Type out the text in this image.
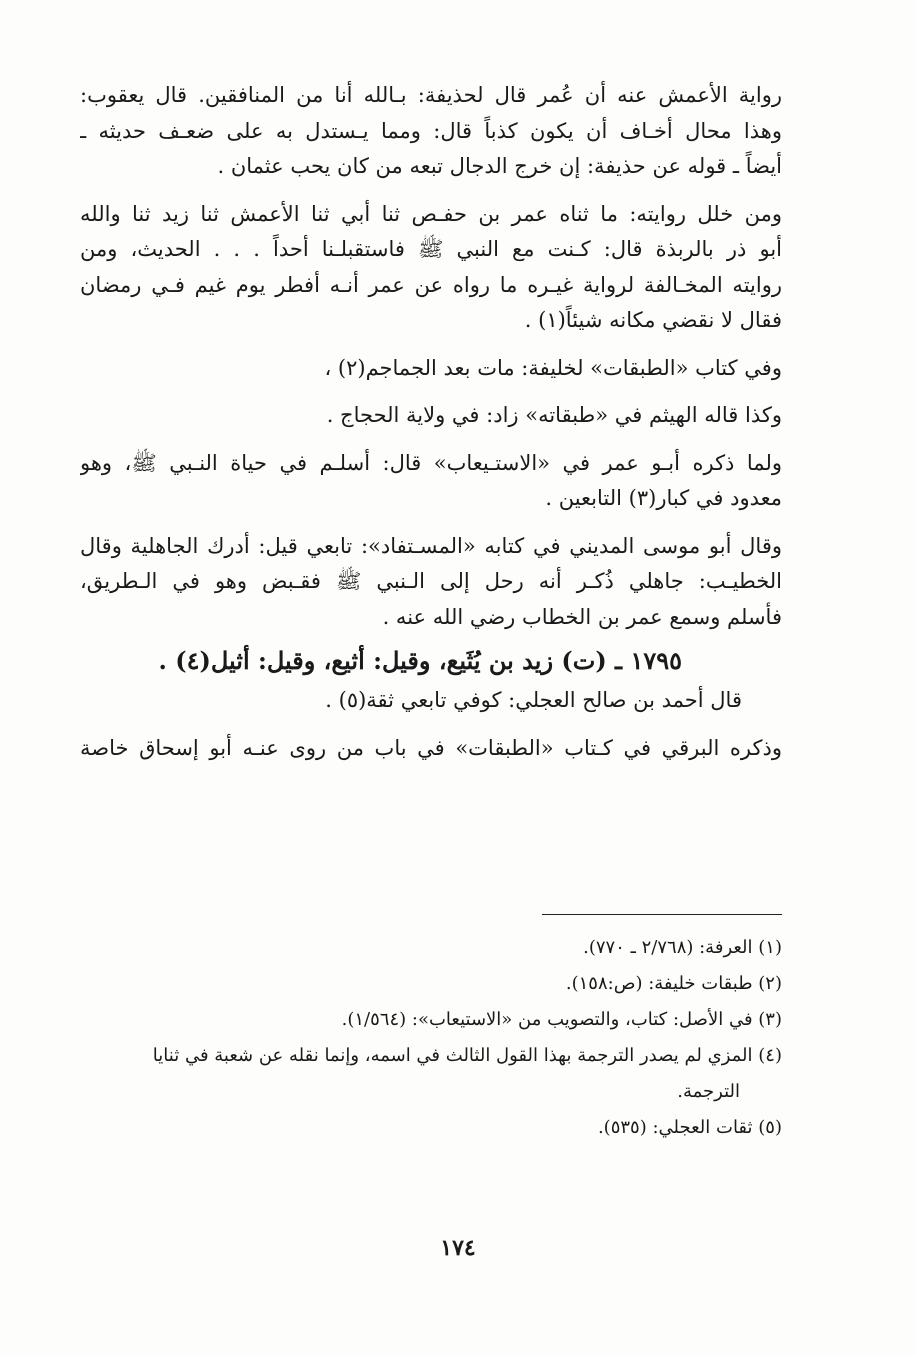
رواية الأعمش عنه أن عُمر قال لحذيفة: بـالله أنا من المنافقين. قال يعقوب:
وهذا محال أخـاف أن يكون كذباً قال: ومما يـستدل به على ضعـف حديثه ـ
أيضاً ـ قوله عن حذيفة: إن خرج الدجال تبعه من كان يحب عثمان .
ومن خلل روايته: ما ثناه عمر بن حفـص ثنا أبي ثنا الأعمش ثنا زيد ثنا والله
أبو ذر بالربذة قال: كـنت مع النبي ﷺ فاستقبلـنا أحداً . . . الحديث، ومن
روايته المخـالفة لرواية غيـره ما رواه عن عمر أنـه أفطر يوم غيم فـي رمضان
فقال لا نقضي مكانه شيئاً(١) .
وفي كتاب «الطبقات» لخليفة: مات بعد الجماجم(٢) ،
وكذا قاله الهيثم في «طبقاته» زاد: في ولاية الحجاج .
ولما ذكره أبـو عمر في «الاستـيعاب» قال: أسلـم في حياة النـبي ﷺ، وهو
معدود في كبار(٣) التابعين .
وقال أبو موسى المديني في كتابه «المسـتفاد»: تابعي قيل: أدرك الجاهلية وقال
الخطيـب: جاهلي ذُكـر أنه رحل إلى الـنبي ﷺ فقـبض وهو في الـطريق،
فأسلم وسمع عمر بن الخطاب رضي الله عنه .
١٧٩٥ ـ (ت) زيد بن يُثَيع، وقيل: أثيع، وقيل: أثيل(٤) .
قال أحمد بن صالح العجلي: كوفي تابعي ثقة(٥) .
وذكره البرقي في كـتاب «الطبقات» في باب من روى عنـه أبو إسحاق خاصة
(١) العرفة: (٢/٧٦٨ ـ ٧٧٠).
(٢) طبقات خليفة: (ص:١٥٨).
(٣) في الأصل: كتاب، والتصويب من «الاستيعاب»: (١/٥٦٤).
(٤) المزي لم يصدر الترجمة بهذا القول الثالث في اسمه، وإنما نقله عن شعبة في ثنايا
الترجمة.
(٥) ثقات العجلي: (٥٣٥).
١٧٤
